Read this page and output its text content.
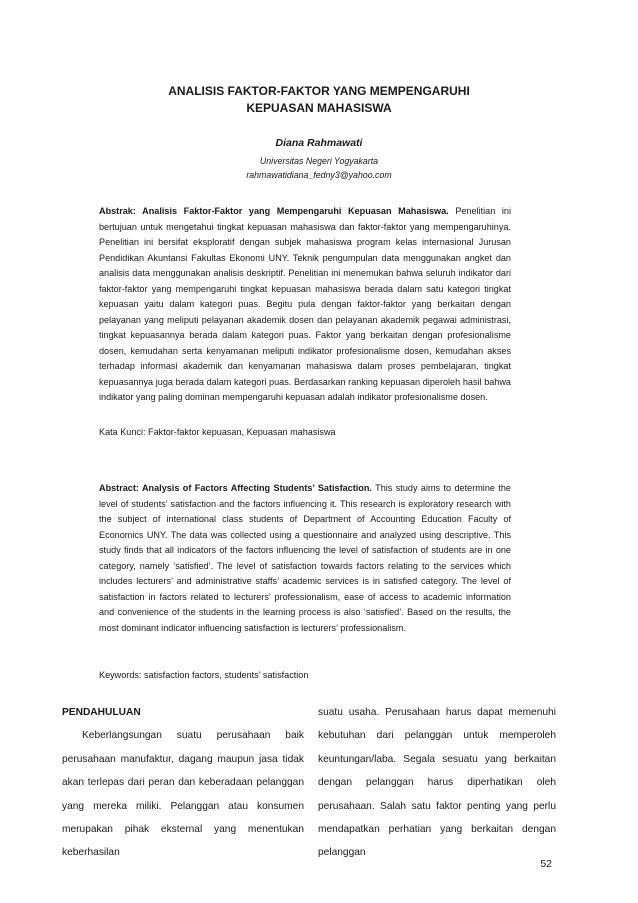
ANALISIS FAKTOR-FAKTOR YANG MEMPENGARUHI
KEPUASAN MAHASISWA
Diana Rahmawati
Universitas Negeri Yogyakarta
rahmawatidiana_fedny3@yahoo.com
Abstrak: Analisis Faktor-Faktor yang Mempengaruhi Kepuasan Mahasiswa. Penelitian ini bertujuan untuk mengetahui tingkat kepuasan mahasiswa dan faktor-faktor yang mempengaruhinya. Penelitian ini bersifat eksploratif dengan subjek mahasiswa program kelas internasional Jurusan Pendidikan Akuntansi Fakultas Ekonomi UNY. Teknik pengumpulan data menggunakan angket dan analisis data menggunakan analisis deskriptif. Penelitian ini menemukan bahwa seluruh indikator dari faktor-faktor yang mempengaruhi tingkat kepuasan mahasiswa berada dalam satu kategori tingkat kepuasan yaitu dalam kategori puas. Begitu pula dengan faktor-faktor yang berkaitan dengan pelayanan yang meliputi pelayanan akademik dosen dan pelayanan akademik pegawai administrasi, tingkat kepuasannya berada dalam kategori puas. Faktor yang berkaitan dengan profesionalisme dosen, kemudahan serta kenyamanan meliputi indikator profesionalisme dosen, kemudahan akses terhadap informasi akademik dan kenyamanan mahasiswa dalam proses pembelajaran, tingkat kepuasannya juga berada dalam kategori puas. Berdasarkan ranking kepuasan diperoleh hasil bahwa indikator yang paling dominan mempengaruhi kepuasan adalah indikator profesionalisme dosen.
Kata Kunci: Faktor-faktor kepuasan, Kepuasan mahasiswa
Abstract: Analysis of Factors Affecting Students’ Satisfaction. This study aims to determine the level of students’ satisfaction and the factors influencing it. This research is exploratory research with the subject of international class students of Department of Accounting Education Faculty of Economics UNY. The data was collected using a questionnaire and analyzed using descriptive. This study finds that all indicators of the factors influencing the level of satisfaction of students are in one category, namely ‘satisfied’. The level of satisfaction towards factors relating to the services which includes lecturers’ and administrative staffs’ academic services is in satisfied category. The level of satisfaction in factors related to lecturers’ professionalism, ease of access to academic information and convenience of the students in the learning process is also ‘satisfied’. Based on the results, the most dominant indicator influencing satisfaction is lecturers’ professionalism.
Keywords: satisfaction factors, students’ satisfaction
PENDAHULUAN
Keberlangsungan suatu perusahaan baik perusahaan manufaktur, dagang maupun jasa tidak akan terlepas dari peran dan keberadaan pelanggan yang mereka miliki. Pelanggan atau konsumen merupakan pihak eksternal yang menentukan keberhasilan
suatu usaha. Perusahaan harus dapat memenuhi kebutuhan dari pelanggan untuk memperoleh keuntungan/laba. Segala sesuatu yang berkaitan dengan pelanggan harus diperhatikan oleh perusahaan. Salah satu faktor penting yang perlu mendapatkan perhatian yang berkaitan dengan pelanggan
52
